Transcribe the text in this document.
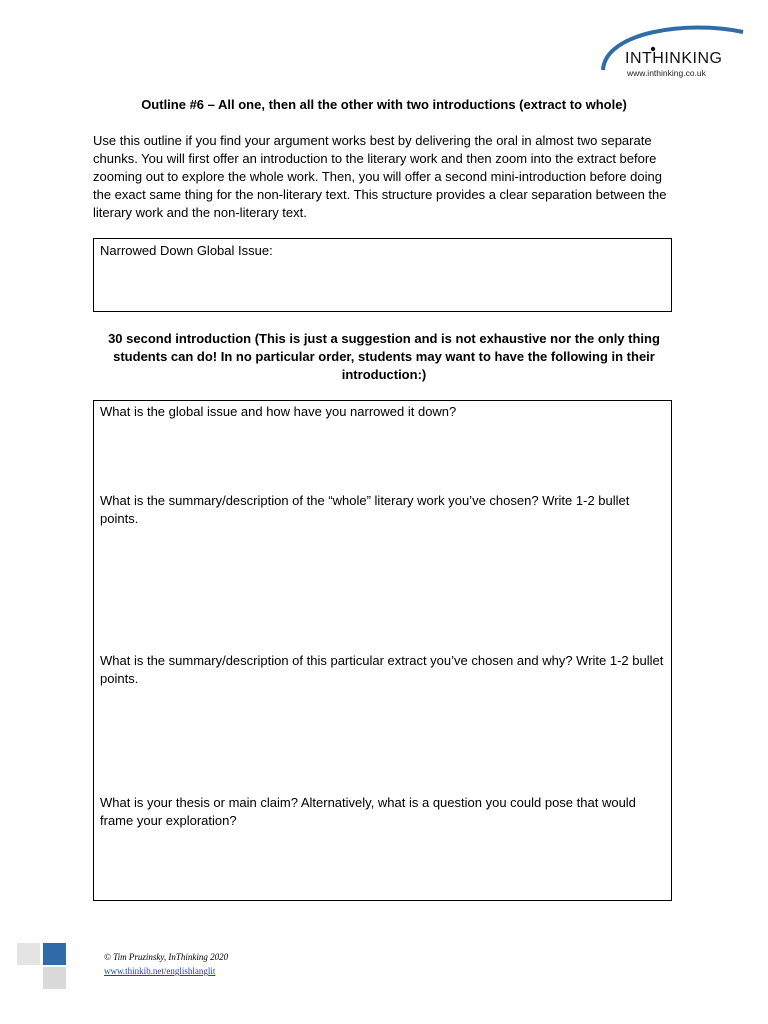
INTHINKING
www.inthinking.co.uk
Outline #6 – All one, then all the other with two introductions (extract to whole)
Use this outline if you find your argument works best by delivering the oral in almost two separate chunks. You will first offer an introduction to the literary work and then zoom into the extract before zooming out to explore the whole work. Then, you will offer a second mini-introduction before doing the exact same thing for the non-literary text. This structure provides a clear separation between the literary work and the non-literary text.
Narrowed Down Global Issue:
30 second introduction (This is just a suggestion and is not exhaustive nor the only thing students can do! In no particular order, students may want to have the following in their introduction:)
What is the global issue and how have you narrowed it down?
What is the summary/description of the “whole” literary work you’ve chosen? Write 1-2 bullet points.
What is the summary/description of this particular extract you’ve chosen and why? Write 1-2 bullet points.
What is your thesis or main claim? Alternatively, what is a question you could pose that would frame your exploration?
© Tim Pruzinsky, InThinking 2020
www.thinkib.net/englishlanglit
